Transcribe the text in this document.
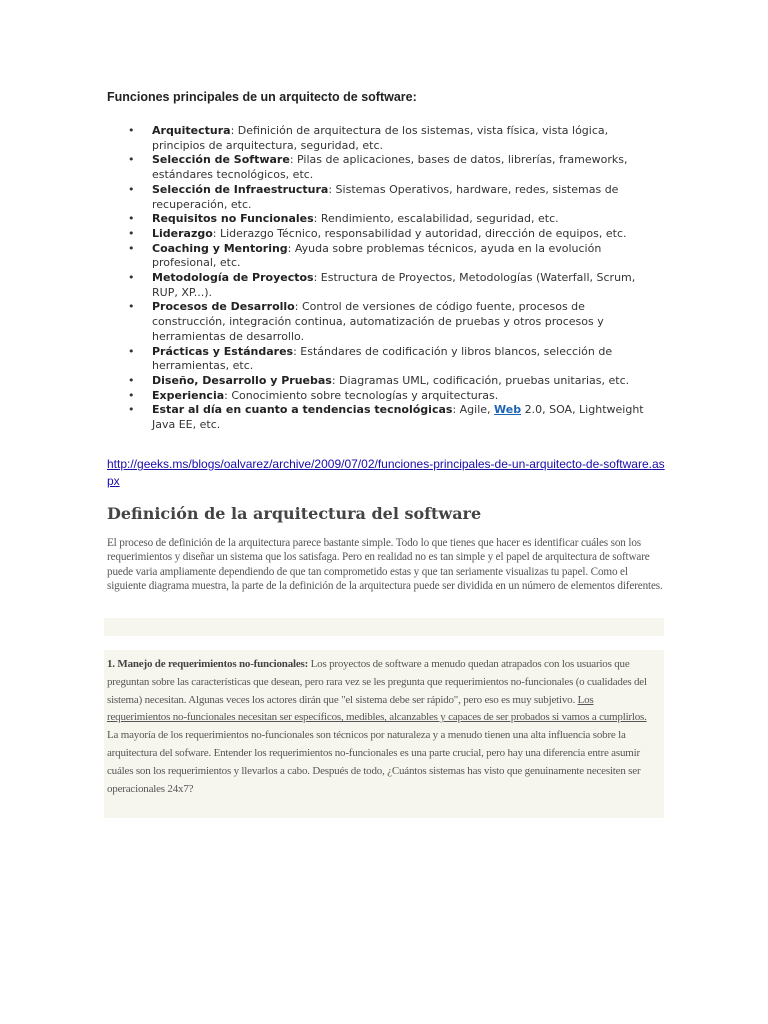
Funciones principales de un arquitecto de software:
• Arquitectura: Definición de arquitectura de los sistemas, vista física, vista lógica, principios de arquitectura, seguridad, etc.
• Selección de Software: Pilas de aplicaciones, bases de datos, librerías, frameworks, estándares tecnológicos, etc.
• Selección de Infraestructura: Sistemas Operativos, hardware, redes, sistemas de recuperación, etc.
• Requisitos no Funcionales: Rendimiento, escalabilidad, seguridad, etc.
• Liderazgo: Liderazgo Técnico, responsabilidad y autoridad, dirección de equipos, etc.
• Coaching y Mentoring: Ayuda sobre problemas técnicos, ayuda en la evolución profesional, etc.
• Metodología de Proyectos: Estructura de Proyectos, Metodologías (Waterfall, Scrum, RUP, XP...).
• Procesos de Desarrollo: Control de versiones de código fuente, procesos de construcción, integración continua, automatización de pruebas y otros procesos y herramientas de desarrollo.
• Prácticas y Estándares: Estándares de codificación y libros blancos, selección de herramientas, etc.
• Diseño, Desarrollo y Pruebas: Diagramas UML, codificación, pruebas unitarias, etc.
• Experiencia: Conocimiento sobre tecnologías y arquitecturas.
• Estar al día en cuanto a tendencias tecnológicas: Agile, Web 2.0, SOA, Lightweight Java EE, etc.
http://geeks.ms/blogs/oalvarez/archive/2009/07/02/funciones-principales-de-un-arquitecto-de-software.aspx
Definición de la arquitectura del software
El proceso de definición de la arquitectura parece bastante simple. Todo lo que tienes que hacer es identificar cuáles son los requerimientos y diseñar un sistema que los satisfaga. Pero en realidad no es tan simple y el papel de arquitectura de software puede varia ampliamente dependiendo de que tan comprometido estas y que tan seriamente visualizas tu papel. Como el siguiente diagrama muestra, la parte de la definición de la arquitectura puede ser dividida en un número de elementos diferentes.
1. Manejo de requerimientos no-funcionales: Los proyectos de software a menudo quedan atrapados con los usuarios que preguntan sobre las características que desean, pero rara vez se les pregunta que requerimientos no-funcionales (o cualidades del sistema) necesitan. Algunas veces los actores dirán que "el sistema debe ser rápido", pero eso es muy subjetivo. Los requerimientos no-funcionales necesitan ser específicos, medibles, alcanzables y capaces de ser probados si vamos a cumplirlos. La mayoría de los requerimientos no-funcionales son técnicos por naturaleza y a menudo tienen una alta influencia sobre la arquitectura del sofware. Entender los requerimientos no-funcionales es una parte crucial, pero hay una diferencia entre asumir cuáles son los requerimientos y llevarlos a cabo. Después de todo, ¿Cuántos sistemas has visto que genuinamente necesiten ser operacionales 24x7?
